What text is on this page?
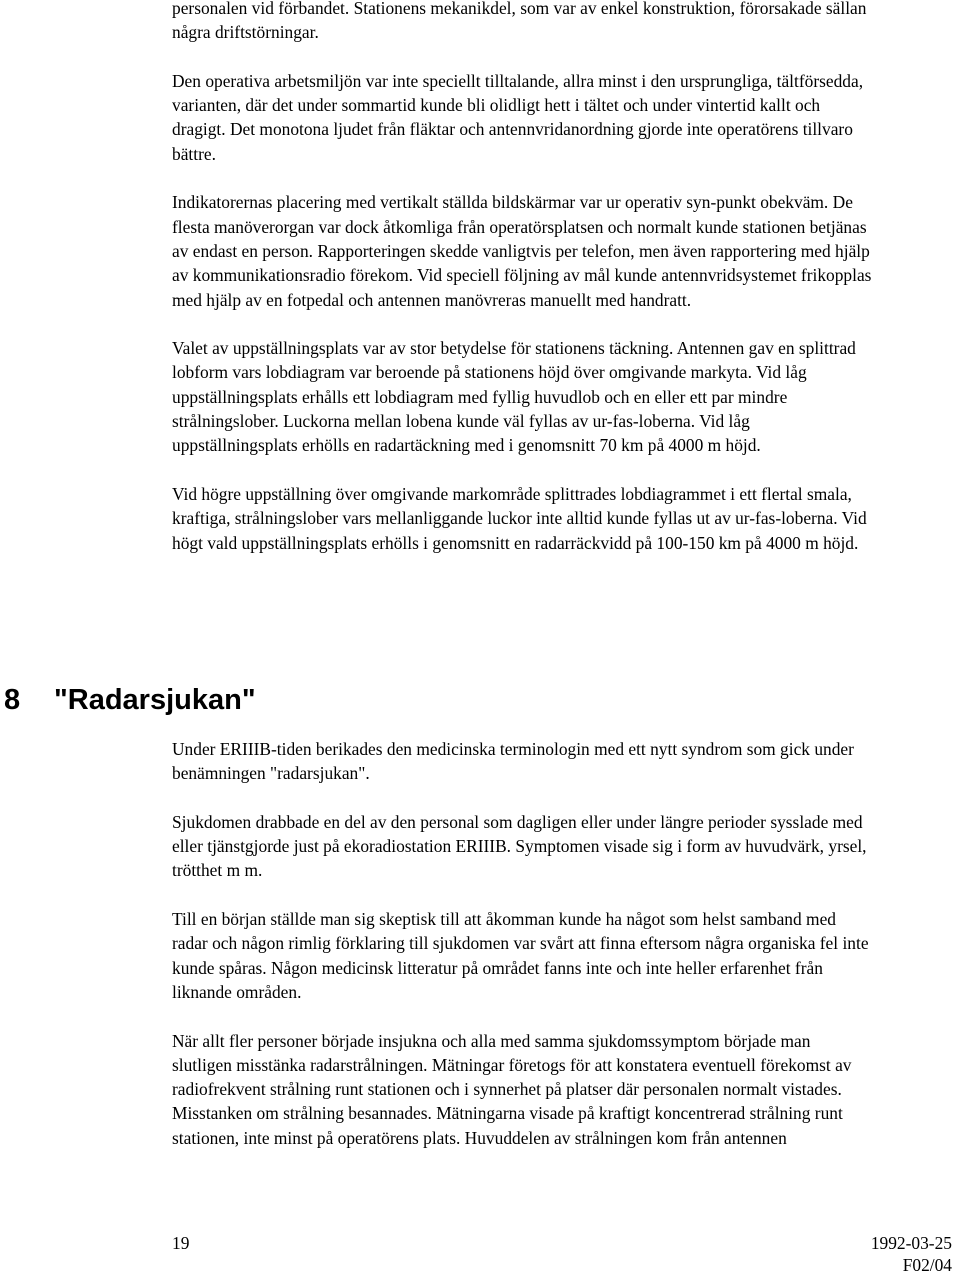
personalen vid förbandet. Stationens mekanikdel, som var av enkel konstruktion, förorsakade sällan några driftstörningar.

Den operativa arbetsmiljön var inte speciellt tilltalande, allra minst i den ursprungliga, tältförsedda, varianten, där det under sommartid kunde bli olidligt hett i tältet och under vintertid kallt och dragigt. Det monotona ljudet från fläktar och antennvridanordning gjorde inte operatörens tillvaro bättre.

Indikatorernas placering med vertikalt ställda bildskärmar var ur operativ syn-punkt obekväm. De flesta manöverorgan var dock åtkomliga från operatörsplatsen och normalt kunde stationen betjänas av endast en person. Rapporteringen skedde vanligtvis per telefon, men även rapportering med hjälp av kommunikationsradio förekom. Vid speciell följning av mål kunde antennvridsystemet frikopplas med hjälp av en fotpedal och antennen manövreras manuellt med handratt.

Valet av uppställningsplats var av stor betydelse för stationens täckning. Antennen gav en splittrad lobform vars lobdiagram var beroende på stationens höjd över omgivande markyta. Vid låg uppställningsplats erhålls ett lobdiagram med fyllig huvudlob och en eller ett par mindre strålningslober. Luckorna mellan lobena kunde väl fyllas av ur-fas-loberna. Vid låg uppställningsplats erhölls en radartäckning med i genomsnitt 70 km på 4000 m höjd.

Vid högre uppställning över omgivande markområde splittrades lobdiagrammet i ett flertal smala, kraftiga, strålningslober vars mellanliggande luckor inte alltid kunde fyllas ut av ur-fas-loberna. Vid högt vald uppställningsplats erhölls i genomsnitt en radarräckvidd på 100-150 km på 4000 m höjd.

8 "Radarsjukan"

Under ERIIIB-tiden berikades den medicinska terminologin med ett nytt syndrom som gick under benämningen "radarsjukan".

Sjukdomen drabbade en del av den personal som dagligen eller under längre perioder sysslade med eller tjänstgjorde just på ekoradiostation ERIIIB. Symptomen visade sig i form av huvudvärk, yrsel, trötthet m m.

Till en början ställde man sig skeptisk till att åkomman kunde ha något som helst samband med radar och någon rimlig förklaring till sjukdomen var svårt att finna eftersom några organiska fel inte kunde spåras. Någon medicinsk litteratur på området fanns inte och inte heller erfarenhet från liknande områden.

När allt fler personer började insjukna och alla med samma sjukdomssymptom började man slutligen misstänka radarstrålningen. Mätningar företogs för att konstatera eventuell förekomst av radiofrekvent strålning runt stationen och i synnerhet på platser där personalen normalt vistades. Misstanken om strålning besannades. Mätningarna visade på kraftigt koncentrerad strålning runt stationen, inte minst på operatörens plats. Huvuddelen av strålningen kom från antennen

19	1992-03-25
F02/04
